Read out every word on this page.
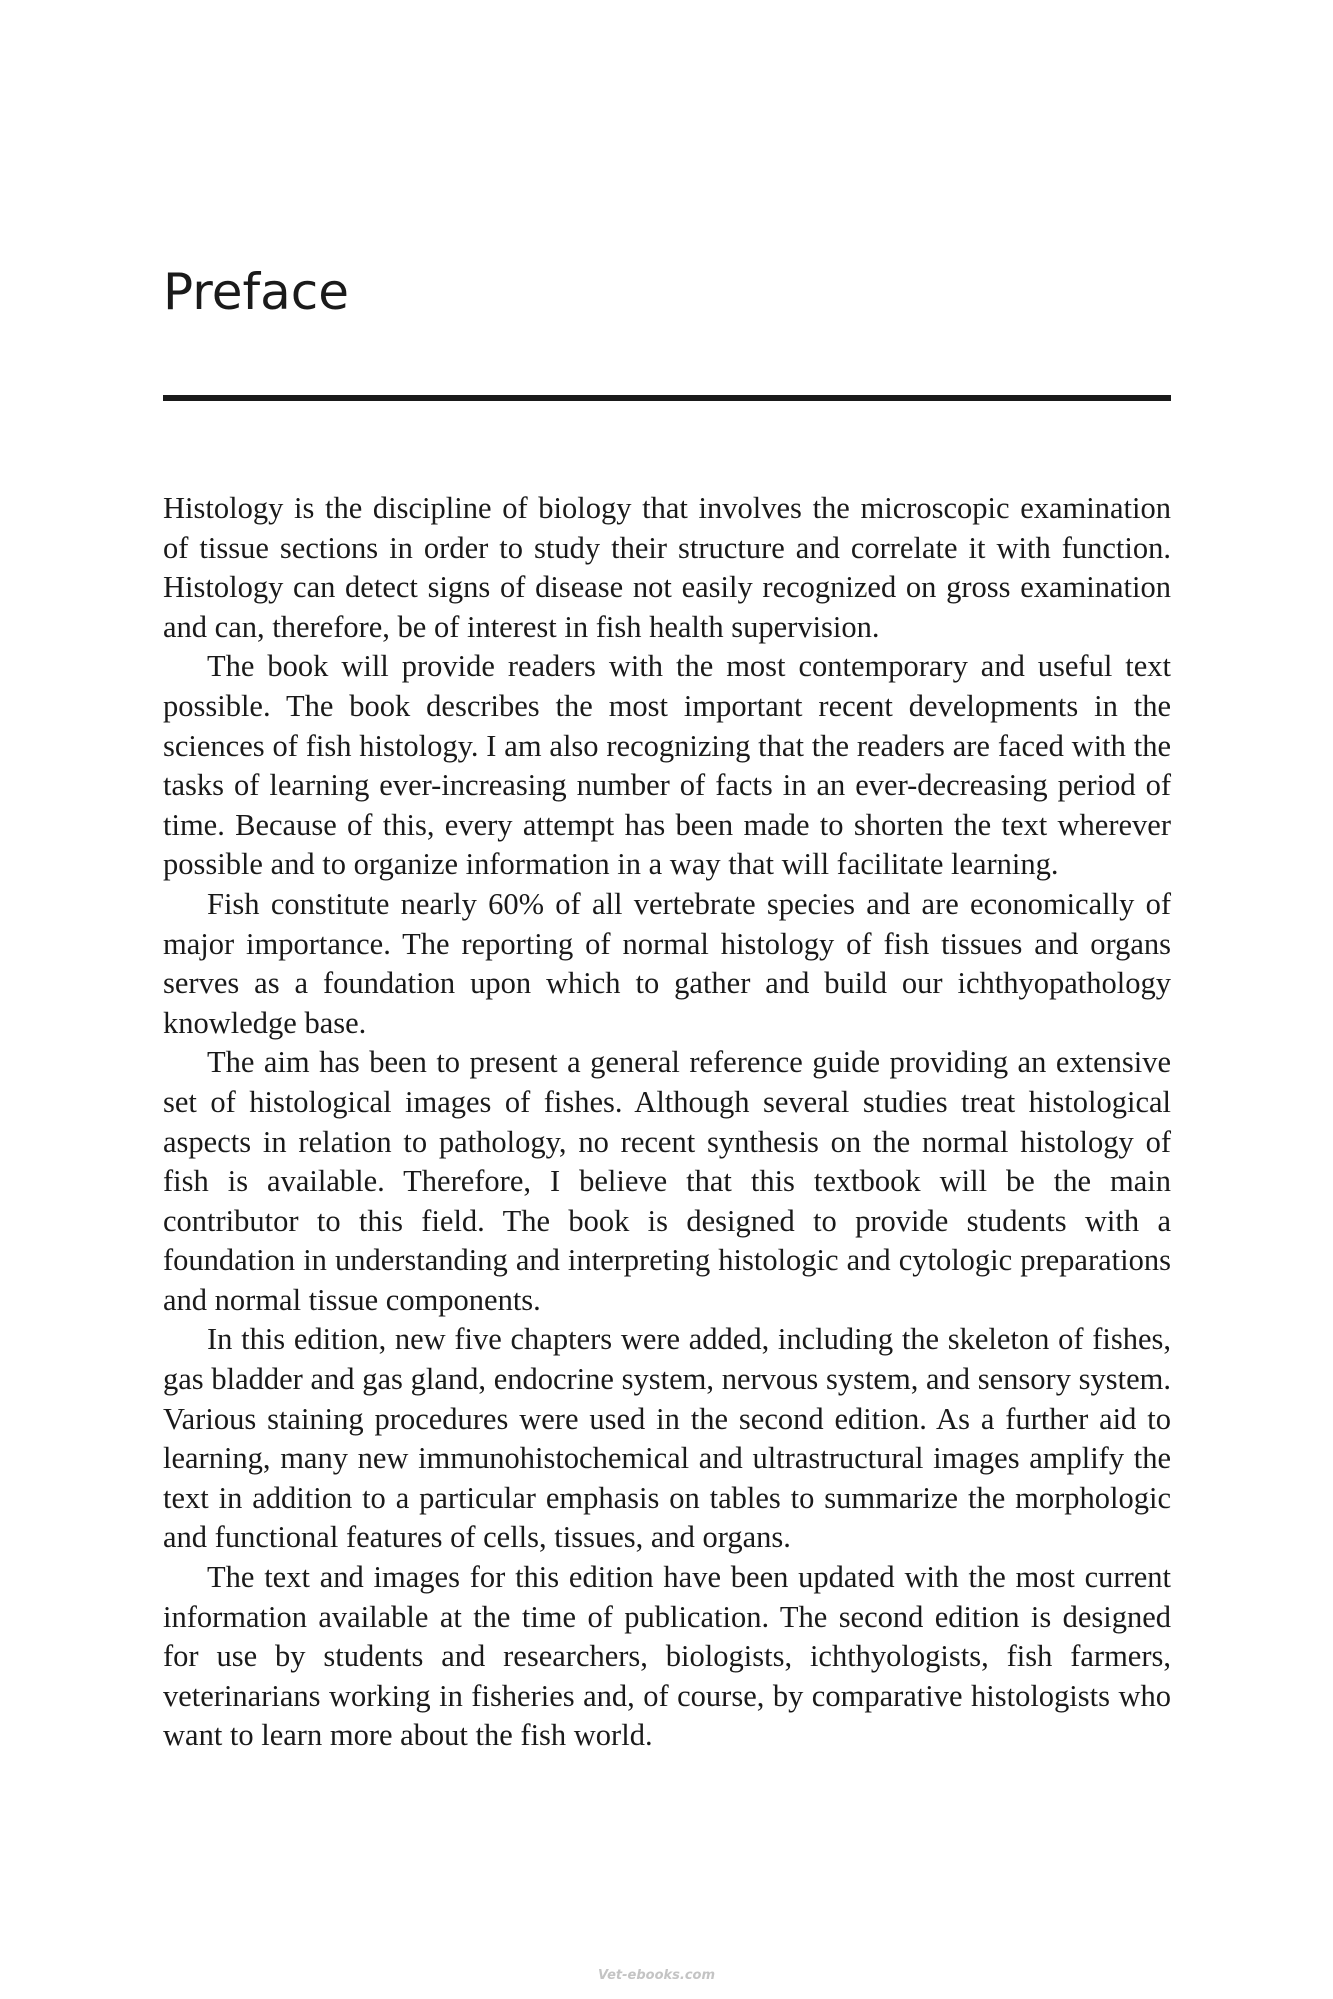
Preface

Histology is the discipline of biology that involves the microscopic examination of tissue sections in order to study their structure and correlate it with function. Histology can detect signs of disease not easily recognized on gross examination and can, therefore, be of interest in fish health supervision.

The book will provide readers with the most contemporary and useful text possible. The book describes the most important recent developments in the sciences of fish histology. I am also recognizing that the readers are faced with the tasks of learning ever-increasing number of facts in an ever-decreasing period of time. Because of this, every attempt has been made to shorten the text wherever possible and to organize information in a way that will facilitate learning.

Fish constitute nearly 60% of all vertebrate species and are economically of major importance. The reporting of normal histology of fish tissues and organs serves as a foundation upon which to gather and build our ichthyopathology knowledge base.

The aim has been to present a general reference guide providing an extensive set of histological images of fishes. Although several studies treat histological aspects in relation to pathology, no recent synthesis on the normal histology of fish is available. Therefore, I believe that this textbook will be the main contributor to this field. The book is designed to provide students with a foundation in understanding and interpreting histologic and cytologic preparations and normal tissue components.

In this edition, new five chapters were added, including the skeleton of fishes, gas bladder and gas gland, endocrine system, nervous system, and sensory system. Various staining procedures were used in the second edition. As a further aid to learning, many new immunohistochemical and ultrastructural images amplify the text in addition to a particular emphasis on tables to summarize the morphologic and functional features of cells, tissues, and organs.

The text and images for this edition have been updated with the most current information available at the time of publication. The second edition is designed for use by students and researchers, biologists, ichthyologists, fish farmers, veterinarians working in fisheries and, of course, by comparative histologists who want to learn more about the fish world.

Vet-ebooks.com
